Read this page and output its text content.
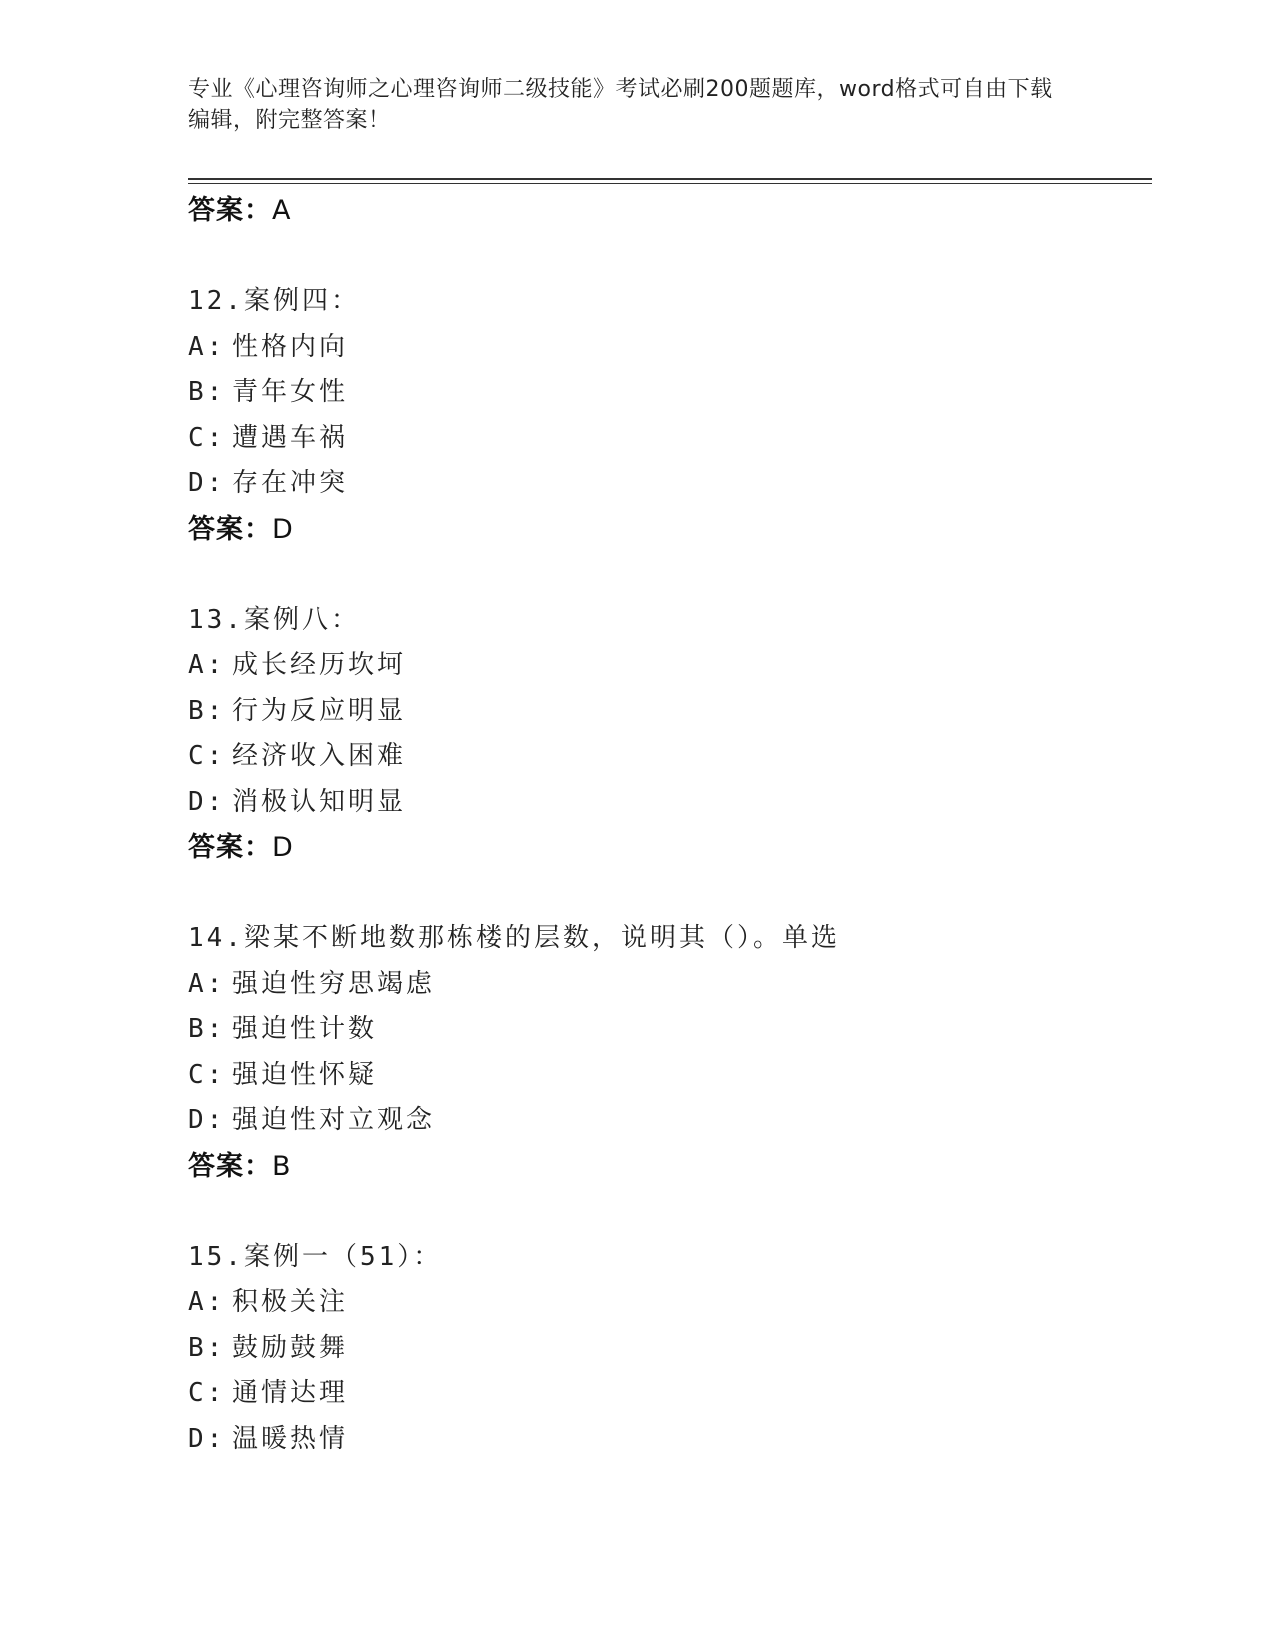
专业《心理咨询师之心理咨询师二级技能》考试必刷200题题库，word格式可自由下载编辑，附完整答案！
答案：A
12.案例四：
A: 性格内向
B: 青年女性
C: 遭遇车祸
D: 存在冲突
答案：D
13.案例八：
A: 成长经历坎坷
B: 行为反应明显
C: 经济收入困难
D: 消极认知明显
答案：D
14.梁某不断地数那栋楼的层数，说明其（）。单选
A: 强迫性穷思竭虑
B: 强迫性计数
C: 强迫性怀疑
D: 强迫性对立观念
答案：B
15.案例一（51）：
A: 积极关注
B: 鼓励鼓舞
C: 通情达理
D: 温暖热情
